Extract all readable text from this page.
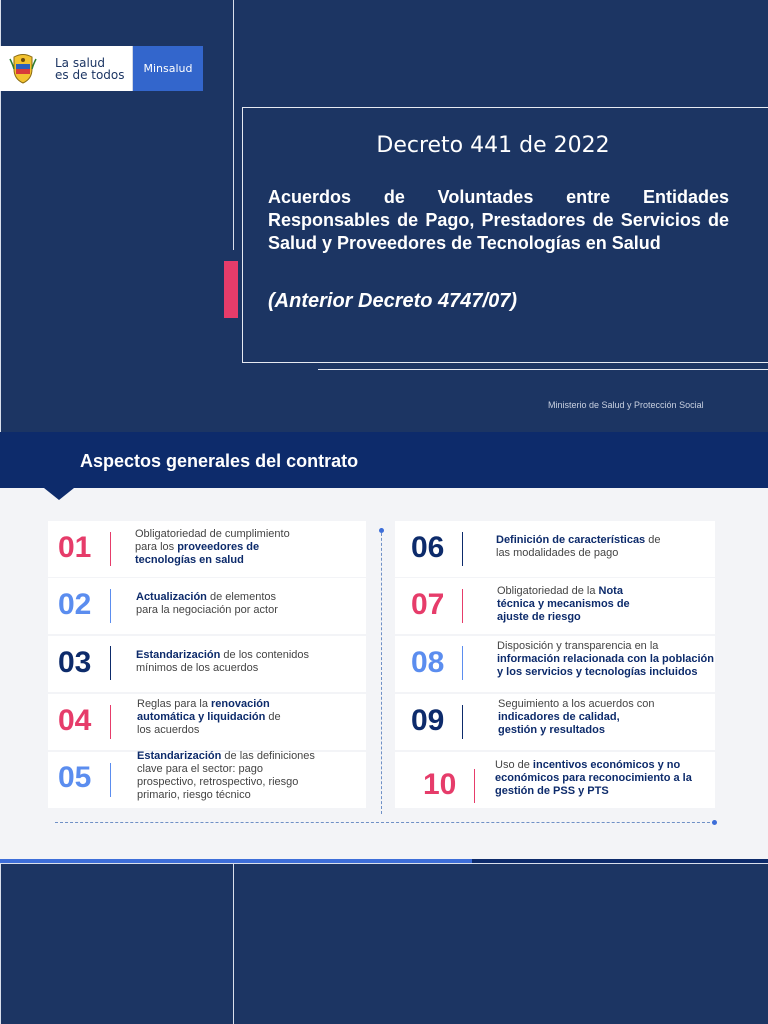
La salud
es de todos	Minsalud
Decreto 441 de 2022
Acuerdos de Voluntades entre Entidades Responsables de Pago, Prestadores de Servicios de Salud y Proveedores de Tecnologías en Salud
(Anterior Decreto 4747/07)
Ministerio de Salud y Protección Social
Aspectos generales del contrato
01	Obligatoriedad de cumplimiento para los proveedores de tecnologías en salud
02	Actualización de elementos para la negociación por actor
03	Estandarización de los contenidos mínimos de los acuerdos
04	Reglas para la renovación automática y liquidación de los acuerdos
05
Estandarización de las definiciones clave para el sector: pago prospectivo, retrospectivo, riesgo primario, riesgo técnico
06	Definición de características de las modalidades de pago
07	Obligatoriedad de la Nota técnica y mecanismos de ajuste de riesgo
08	Disposición y transparencia en la información relacionada con la población y los servicios y tecnologías incluidos
09	Seguimiento a los acuerdos con indicadores de calidad, gestión y resultados
10
Uso de incentivos económicos y no económicos para reconocimiento a la gestión de PSS y PTS
